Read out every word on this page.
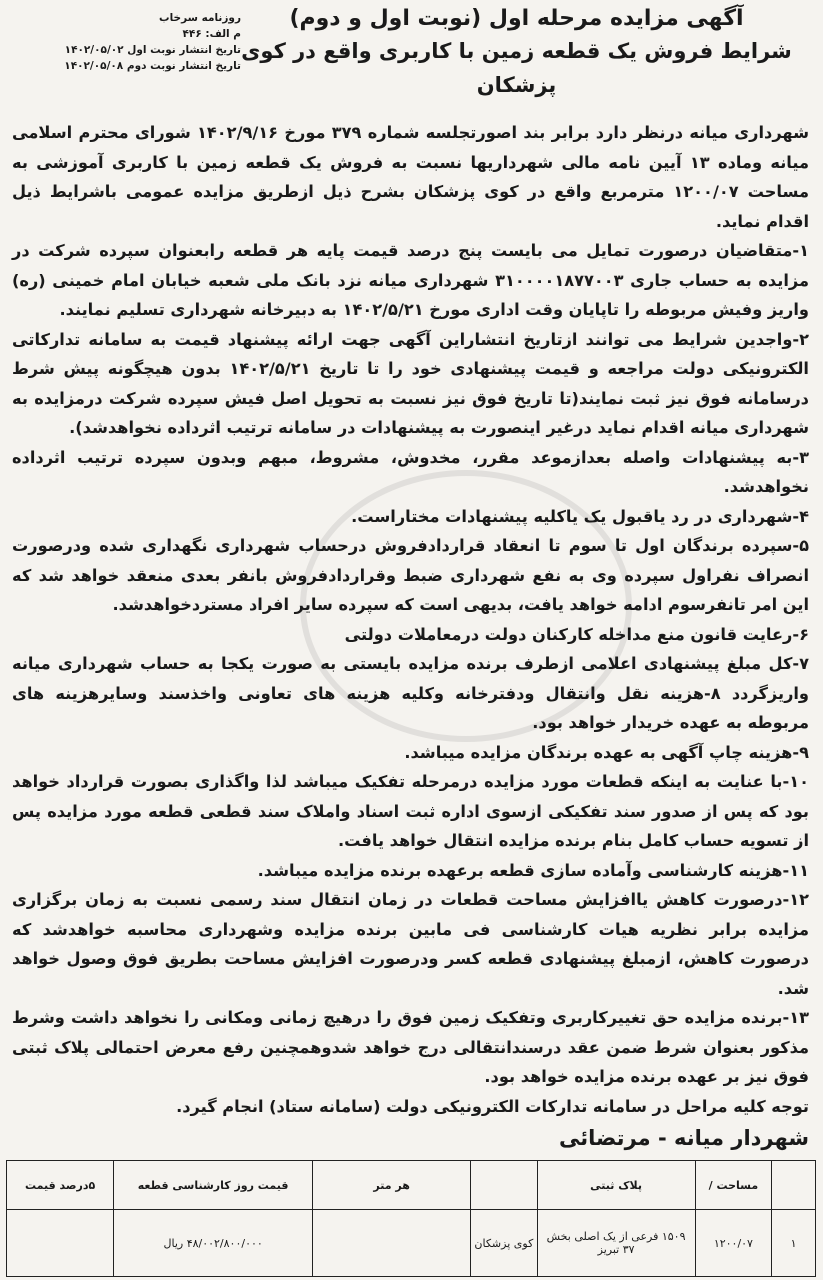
روزنامه سرخاب
م الف: ۴۴۶
تاریخ انتشار نوبت اول ۱۴۰۲/۰۵/۰۲
تاریخ انتشار نوبت دوم ۱۴۰۲/۰۵/۰۸
آگهی مزایده مرحله اول (نوبت اول و دوم)
شرایط فروش یک قطعه زمین با کاربری واقع در کوی
پزشکان

شهرداری میانه درنظر دارد برابر بند اصورتجلسه شماره ۳۷۹ مورخ ۱۴۰۲/۹/۱۶ شورای محترم اسلامی میانه وماده ۱۳ آیین نامه مالی شهرداریها نسبت به فروش یک قطعه زمین با کاربری آموزشی به مساحت ۱۲۰۰/۰۷ مترمربع واقع در کوی پزشکان بشرح ذیل ازطریق مزایده عمومی باشرایط ذیل اقدام نماید.

۱-متقاضیان درصورت تمایل می بایست پنج درصد قیمت پایه هر قطعه رابعنوان سپرده شرکت در مزایده به حساب جاری ۳۱۰۰۰۰۱۸۷۷۰۰۳ شهرداری میانه نزد بانک ملی شعبه خیابان امام خمینی (ره) واریز وفیش مربوطه را تاپایان وقت اداری مورخ ۱۴۰۲/۵/۲۱ به دبیرخانه شهرداری تسلیم نمایند.

۲-واجدین شرایط می توانند ازتاریخ انتشاراین آگهی جهت ارائه پیشنهاد قیمت به سامانه تدارکاتی الکترونیکی دولت مراجعه و قیمت پیشنهادی خود را تا تاریخ ۱۴۰۲/۵/۲۱ بدون هیچگونه پیش شرط درسامانه فوق نیز ثبت نمایند(تا تاریخ فوق نیز نسبت به تحویل اصل فیش سپرده شرکت درمزایده به شهرداری میانه اقدام نماید درغیر اینصورت به پیشنهادات در سامانه ترتیب اثرداده نخواهدشد).

۳-به پیشنهادات واصله بعدازموعد مقرر، مخدوش، مشروط، مبهم وبدون سپرده ترتیب اثرداده نخواهدشد.

۴-شهرداری در رد یاقبول یک یاکلیه پیشنهادات مختاراست.

۵-سپرده برندگان اول تا سوم تا انعقاد قراردادفروش درحساب شهرداری نگهداری شده ودرصورت انصراف نفراول سپرده وی به نفع شهرداری ضبط وقراردادفروش بانفر بعدی منعقد خواهد شد که این امر تانفرسوم ادامه خواهد یافت، بدیهی است که سپرده سایر افراد مستردخواهدشد.

۶-رعایت قانون منع مداخله کارکنان دولت درمعاملات دولتی

۷-کل مبلغ پیشنهادی اعلامی ازطرف برنده مزایده بایستی به صورت یکجا به حساب شهرداری میانه واریزگردد ۸-هزینه نقل وانتقال ودفترخانه وکلیه هزینه های تعاونی واخذسند وسایرهزینه های مربوطه به عهده خریدار خواهد بود.

۹-هزینه چاپ آگهی به عهده برندگان مزایده میباشد.

۱۰-با عنایت به اینکه قطعات مورد مزایده درمرحله تفکیک میباشد لذا واگذاری بصورت قرارداد خواهد بود که پس از صدور سند تفکیکی ازسوی اداره ثبت اسناد واملاک سند قطعی قطعه مورد مزایده پس از تسویه حساب کامل بنام برنده مزایده انتقال خواهد یافت.

۱۱-هزینه کارشناسی وآماده سازی قطعه برعهده برنده مزایده میباشد.

۱۲-درصورت کاهش یاافزایش مساحت قطعات در زمان انتقال سند رسمی نسبت به زمان برگزاری مزایده برابر نظریه هیات کارشناسی فی مابین برنده مزایده وشهرداری محاسبه خواهدشد که درصورت کاهش، ازمبلغ پیشنهادی قطعه کسر ودرصورت افزایش مساحت بطریق فوق وصول خواهد شد.

۱۳-برنده مزایده حق تغییرکاربری وتفکیک زمین فوق را درهیچ زمانی ومکانی را نخواهد داشت وشرط مذکور بعنوان شرط ضمن عقد درسندانتقالی درج خواهد شدوهمچنین رفع معرض احتمالی پلاک ثبتی فوق نیز بر عهده برنده مزایده خواهد بود.

توجه کلیه مراحل در سامانه تدارکات الکترونیکی دولت (سامانه ستاد) انجام گیرد.

شهردار میانه - مرتضائی
	مساحت /	پلاک ثبتی		هر متر	قیمت روز کارشناسی قطعه	۵درصد قیمت
۱	۱۲۰۰/۰۷	۱۵۰۹ فرعی از یک اصلی بخش ۳۷ تبریز	کوی پزشکان		۴۸/۰۰۲/۸۰۰/۰۰۰ ریال	
